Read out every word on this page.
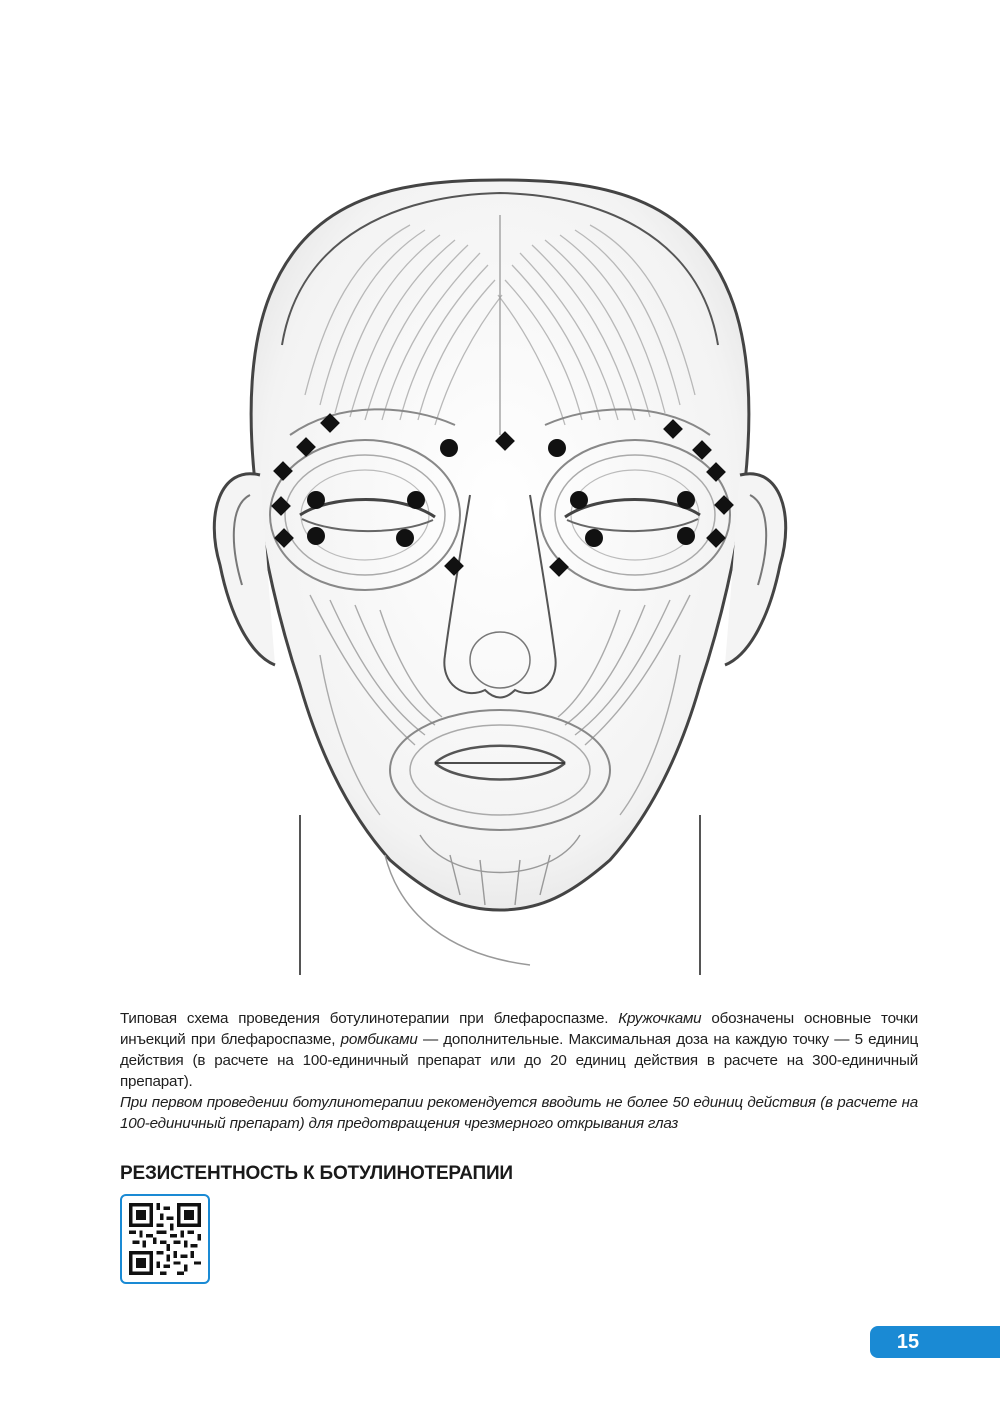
Типовая схема проведения ботулинотерапии при блефароспазме. Кружочками обозначены основные точки инъекций при блефароспазме, ромбиками — дополнительные. Максимальная доза на каждую точку — 5 единиц действия (в расчете на 100-единичный препарат или до 20 единиц действия в расчете на 300-единичный препарат).

При первом проведении ботулинотерапии рекомендуется вводить не более 50 единиц действия (в расчете на 100-единичный препарат) для предотвращения чрезмерного открывания глаз

РЕЗИСТЕНТНОСТЬ К БОТУЛИНОТЕРАПИИ
15
